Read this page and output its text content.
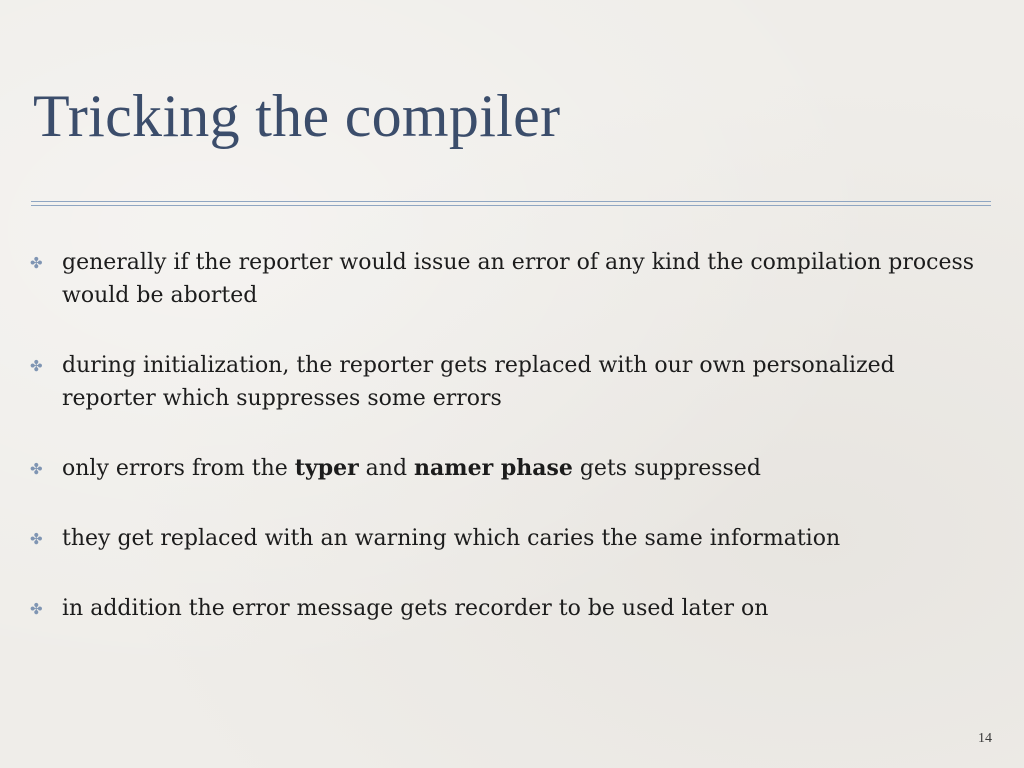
Tricking the compiler
✤ generally if the reporter would issue an error of any kind the compilation process would be aborted
✤ during initialization, the reporter gets replaced with our own personalized reporter which suppresses some errors
✤ only errors from the typer and namer phase gets suppressed
✤ they get replaced with an warning which caries the same information
✤ in addition the error message gets recorder to be used later on
14
